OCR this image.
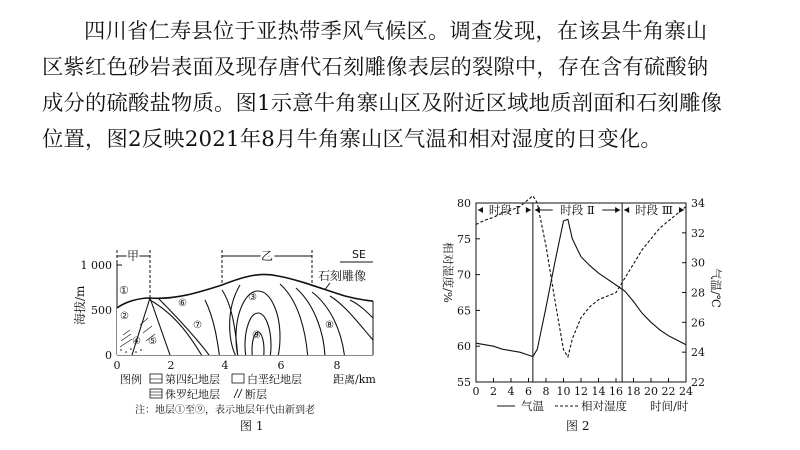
四川省仁寿县位于亚热带季风气候区。调查发现，在该县牛角寨山

区紫红色砂岩表面及现存唐代石刻雕像表层的裂隙中，存在含有硫酸钠

成分的硫酸盐物质。图1示意牛角寨山区及附近区域地质剖面和石刻雕像

位置，图2反映2021年8月牛角寨山区气温和相对湿度的日变化。

1 000
500
0
海拔/m
0	2	4	6	8
甲	乙	SE
石刻雕像
①
②
③
④ ⑤
⑥
⑦	⑧
⑨
距离/km
图例 第四纪地层 白垩纪地层
侏罗纪地层 断层
注：地层①至⑨，表示地层年代由新到老
图 1
相对湿度/%	气温/℃
时间/时
气温	相对湿度
图 2
0 2 4 6 8 10 12 14 16 18 20 22 24
55
60
65
70
75
80
22
24
26
28
30
32
34
时段 Ⅰ	时段 Ⅱ	时段 Ⅲ
